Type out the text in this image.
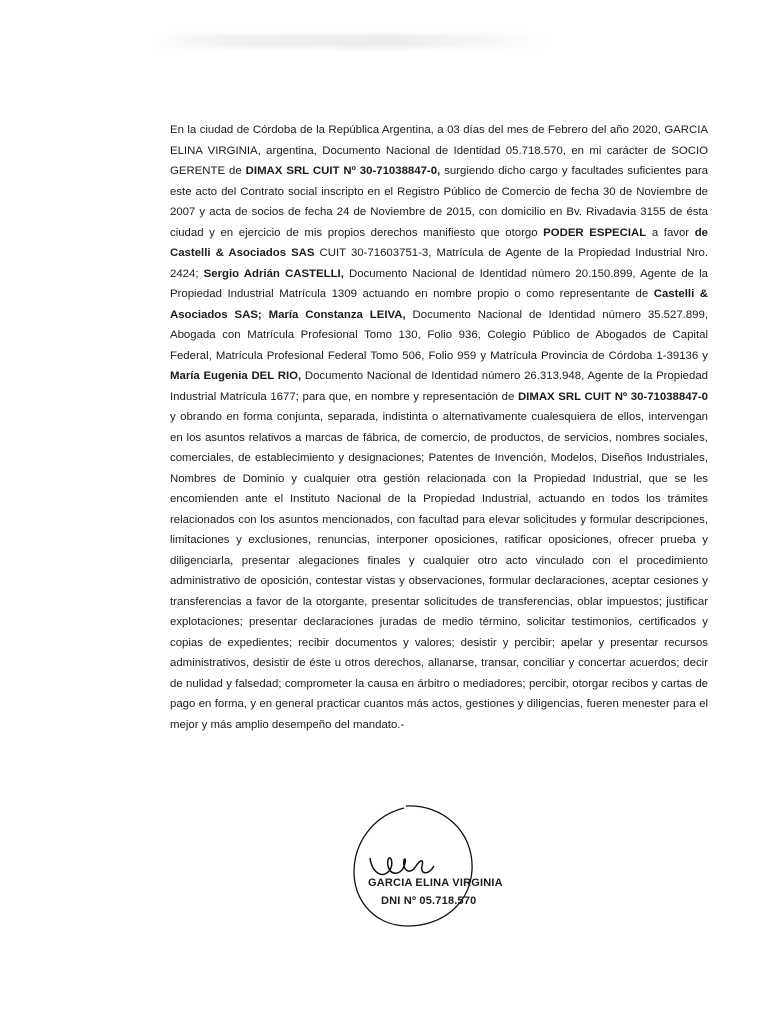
En la ciudad de Córdoba de la República Argentina, a 03 días del mes de Febrero del año 2020, GARCIA ELINA VIRGINIA, argentina, Documento Nacional de Identidad 05.718.570, en mi carácter de SOCIO GERENTE de DIMAX SRL CUIT Nº 30-71038847-0, surgiendo dicho cargo y facultades suficientes para este acto del Contrato social inscripto en el Registro Público de Comercio de fecha 30 de Noviembre de 2007 y acta de socios de fecha 24 de Noviembre de 2015, con domicilio en Bv. Rivadavia 3155 de ésta ciudad y en ejercicio de mis propios derechos manifiesto que otorgo PODER ESPECIAL a favor de Castelli & Asociados SAS CUIT 30-71603751-3, Matrícula de Agente de la Propiedad Industrial Nro. 2424; Sergio Adrián CASTELLI, Documento Nacional de Identidad número 20.150.899, Agente de la Propiedad Industrial Matrícula 1309 actuando en nombre propio o como representante de Castelli & Asociados SAS; María Constanza LEIVA, Documento Nacional de Identidad número 35.527.899, Abogada con Matrícula Profesional Tomo 130, Folio 936, Colegio Público de Abogados de Capital Federal, Matrícula Profesional Federal Tomo 506, Folio 959 y Matrícula Provincia de Córdoba 1-39136 y María Eugenia DEL RIO, Documento Nacional de Identidad número 26.313.948, Agente de la Propiedad Industrial Matrícula 1677; para que, en nombre y representación de DIMAX SRL CUIT Nº 30-71038847-0 y obrando en forma conjunta, separada, indistinta o alternativamente cualesquiera de ellos, intervengan en los asuntos relativos a marcas de fábrica, de comercio, de productos, de servicios, nombres sociales, comerciales, de establecimiento y designaciones; Patentes de Invención, Modelos, Diseños Industriales, Nombres de Dominio y cualquier otra gestión relacionada con la Propiedad Industrial, que se les encomienden ante el Instituto Nacional de la Propiedad Industrial, actuando en todos los trámites relacionados con los asuntos mencionados, con facultad para elevar solicitudes y formular descripciones, limitaciones y exclusiones, renuncias, interponer oposiciones, ratificar oposiciones, ofrecer prueba y diligenciarla, presentar alegaciones finales y cualquier otro acto vinculado con el procedimiento administrativo de oposición, contestar vistas y observaciones, formular declaraciones, aceptar cesiones y transferencias a favor de la otorgante, presentar solicitudes de transferencias, oblar impuestos; justificar explotaciones; presentar declaraciones juradas de medio término, solicitar testimonios, certificados y copias de expedientes; recibir documentos y valores; desistir y percibir; apelar y presentar recursos administrativos, desistir de éste u otros derechos, allanarse, transar, conciliar y concertar acuerdos; decir de nulidad y falsedad; comprometer la causa en árbitro o mediadores; percibir, otorgar recibos y cartas de pago en forma, y en general practicar cuantos más actos, gestiones y diligencias, fueren menester para el mejor y más amplio desempeño del mandato.-
GARCIA ELINA VIRGINIA
DNI Nº 05.718.570
